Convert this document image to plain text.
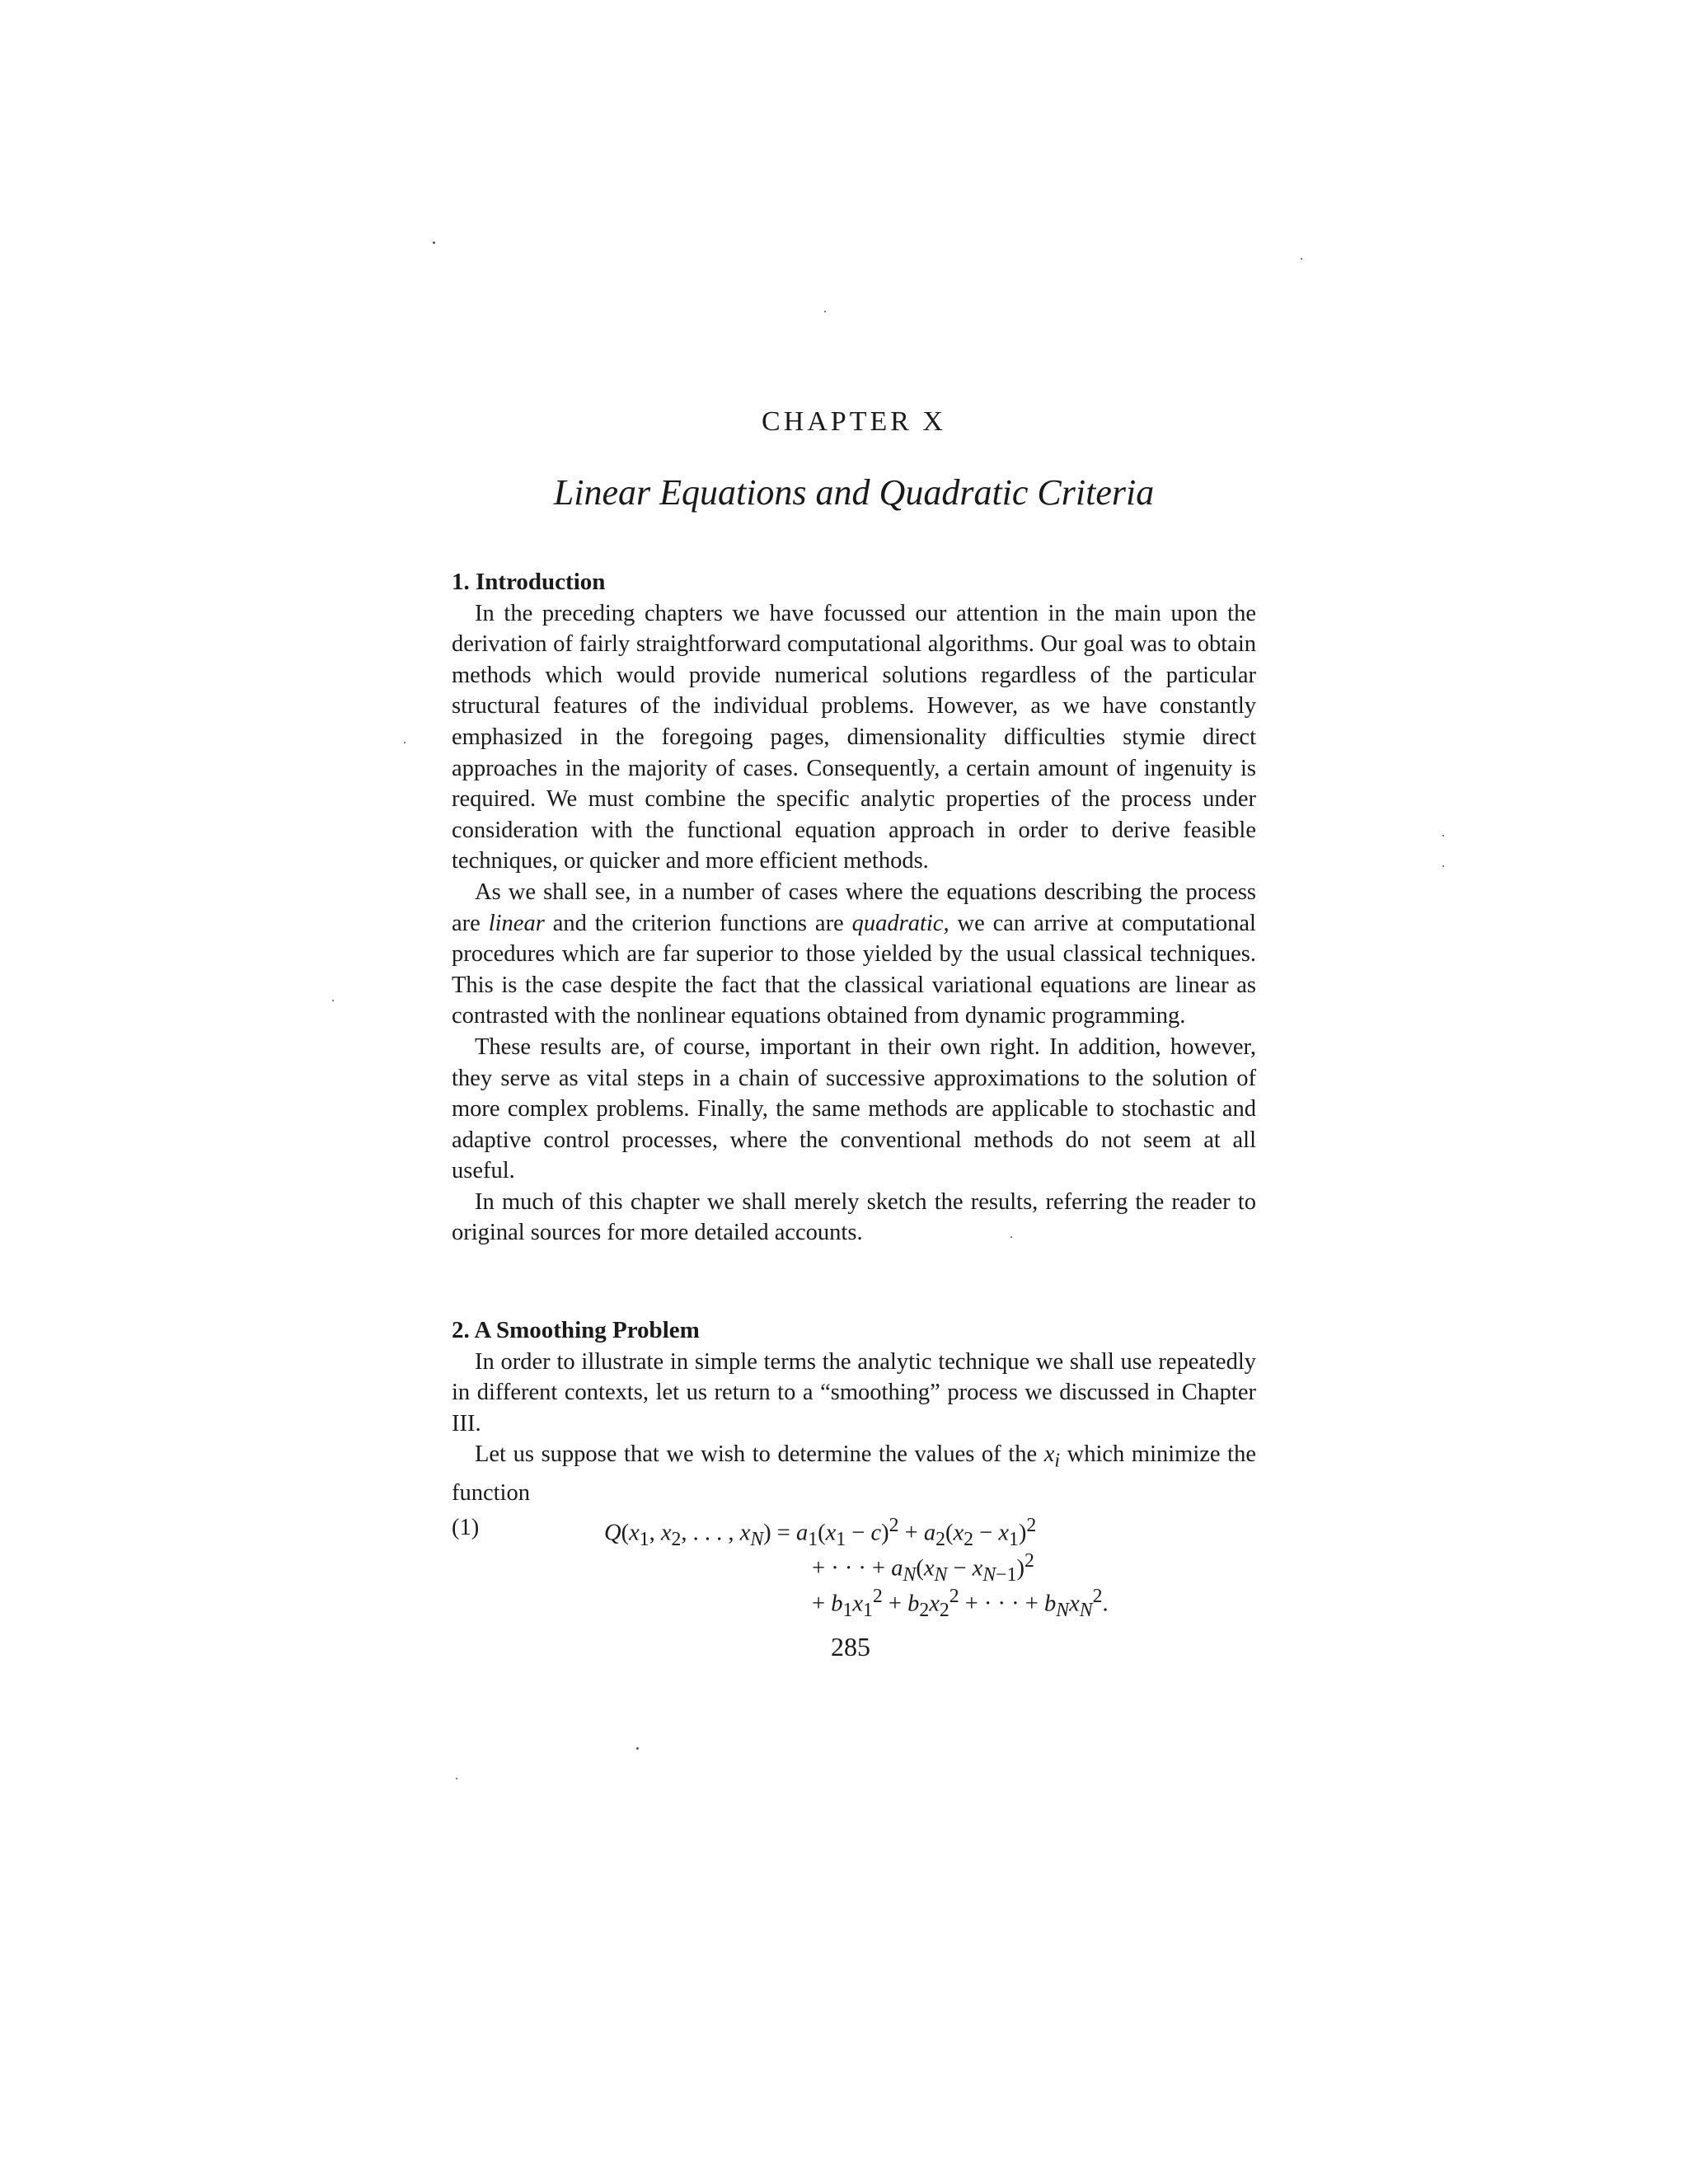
CHAPTER X
Linear Equations and Quadratic Criteria

1. Introduction

In the preceding chapters we have focussed our attention in the main upon the derivation of fairly straightforward computational algorithms. Our goal was to obtain methods which would provide numerical solutions regardless of the particular structural features of the individual problems. However, as we have constantly emphasized in the foregoing pages, dimensionality difficulties stymie direct approaches in the majority of cases. Consequently, a certain amount of ingenuity is required. We must combine the specific analytic properties of the process under consideration with the functional equation approach in order to derive feasible techniques, or quicker and more efficient methods.

As we shall see, in a number of cases where the equations describing the process are linear and the criterion functions are quadratic, we can arrive at computational procedures which are far superior to those yielded by the usual classical techniques. This is the case despite the fact that the classical variational equations are linear as contrasted with the nonlinear equations obtained from dynamic programming.

These results are, of course, important in their own right. In addition, however, they serve as vital steps in a chain of successive approximations to the solution of more complex problems. Finally, the same methods are applicable to stochastic and adaptive control processes, where the conventional methods do not seem at all useful.

In much of this chapter we shall merely sketch the results, referring the reader to original sources for more detailed accounts.

2. A Smoothing Problem

In order to illustrate in simple terms the analytic technique we shall use repeatedly in different contexts, let us return to a “smoothing” process we discussed in Chapter III.

Let us suppose that we wish to determine the values of the $x_i$ which minimize the function

(1)	$Q(x_1$, $x_2$, . . . , $x_N) = a_1(x_1 - c)^2 + a_2(x_2 - x_1)^2$
+ · · · + $a_N(x_N - x_{N-1})^2$
+ $b_1x_1^2 + b_2x_2^2$ + · · · + $b_Nx_N^2$.
285
